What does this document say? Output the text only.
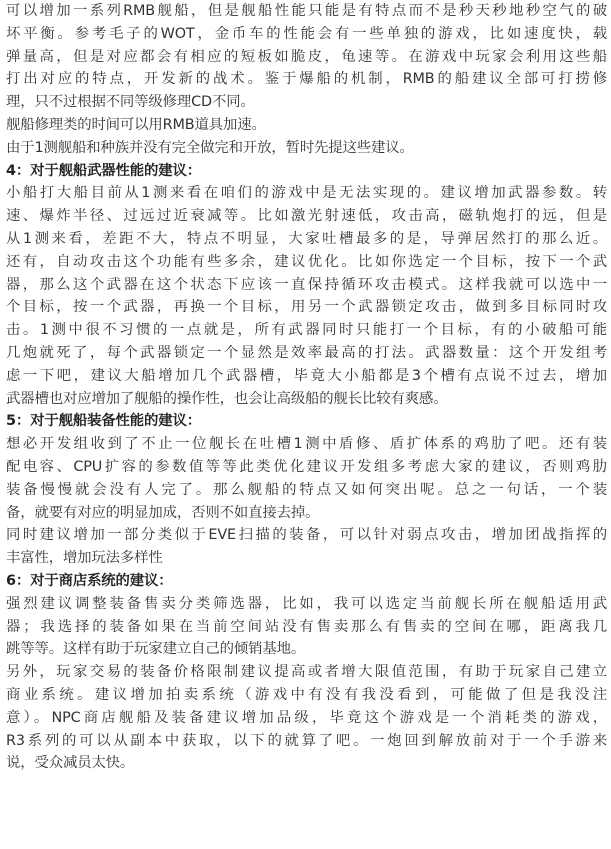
可以增加一系列RMB舰船，但是舰船性能只能是有特点而不是秒天秒地秒空气的破
坏平衡。参考毛子的WOT，金币车的性能会有一些单独的游戏，比如速度快，载
弹量高，但是对应都会有相应的短板如脆皮，龟速等。在游戏中玩家会利用这些船
打出对应的特点，开发新的战术。鉴于爆船的机制，RMB的船建议全部可打捞修
理，只不过根据不同等级修理CD不同。
舰船修理类的时间可以用RMB道具加速。
由于1测舰船和种族并没有完全做完和开放，暂时先提这些建议。
4：对于舰船武器性能的建议：
小船打大船目前从1测来看在咱们的游戏中是无法实现的。建议增加武器参数。转
速、爆炸半径、过远过近衰减等。比如激光射速低，攻击高，磁轨炮打的远，但是
从1测来看，差距不大，特点不明显，大家吐槽最多的是，导弹居然打的那么近。
还有，自动攻击这个功能有些多余，建议优化。比如你选定一个目标，按下一个武
器，那么这个武器在这个状态下应该一直保持循环攻击模式。这样我就可以选中一
个目标，按一个武器，再换一个目标，用另一个武器锁定攻击，做到多目标同时攻
击。1测中很不习惯的一点就是，所有武器同时只能打一个目标，有的小破船可能
几炮就死了，每个武器锁定一个显然是效率最高的打法。武器数量：这个开发组考
虑一下吧，建议大船增加几个武器槽，毕竟大小船都是3个槽有点说不过去，增加
武器槽也对应增加了舰船的操作性，也会让高级船的舰长比较有爽感。
5：对于舰船装备性能的建议：
想必开发组收到了不止一位舰长在吐槽1测中盾修、盾扩体系的鸡肋了吧。还有装
配电容、CPU扩容的参数值等等此类优化建议开发组多考虑大家的建议，否则鸡肋
装备慢慢就会没有人完了。那么舰船的特点又如何突出呢。总之一句话，一个装
备，就要有对应的明显加成，否则不如直接去掉。
同时建议增加一部分类似于EVE扫描的装备，可以针对弱点攻击，增加团战指挥的
丰富性，增加玩法多样性
6：对于商店系统的建议：
强烈建议调整装备售卖分类筛选器，比如，我可以选定当前舰长所在舰船适用武
器；我选择的装备如果在当前空间站没有售卖那么有售卖的空间在哪，距离我几
跳等等。这样有助于玩家建立自己的倾销基地。
另外，玩家交易的装备价格限制建议提高或者增大限值范围，有助于玩家自己建立
商业系统。建议增加拍卖系统（游戏中有没有我没看到，可能做了但是我没注
意）。NPC商店舰船及装备建议增加品级，毕竟这个游戏是一个消耗类的游戏，
R3系列的可以从副本中获取，以下的就算了吧。一炮回到解放前对于一个手游来
说，受众减员太快。
